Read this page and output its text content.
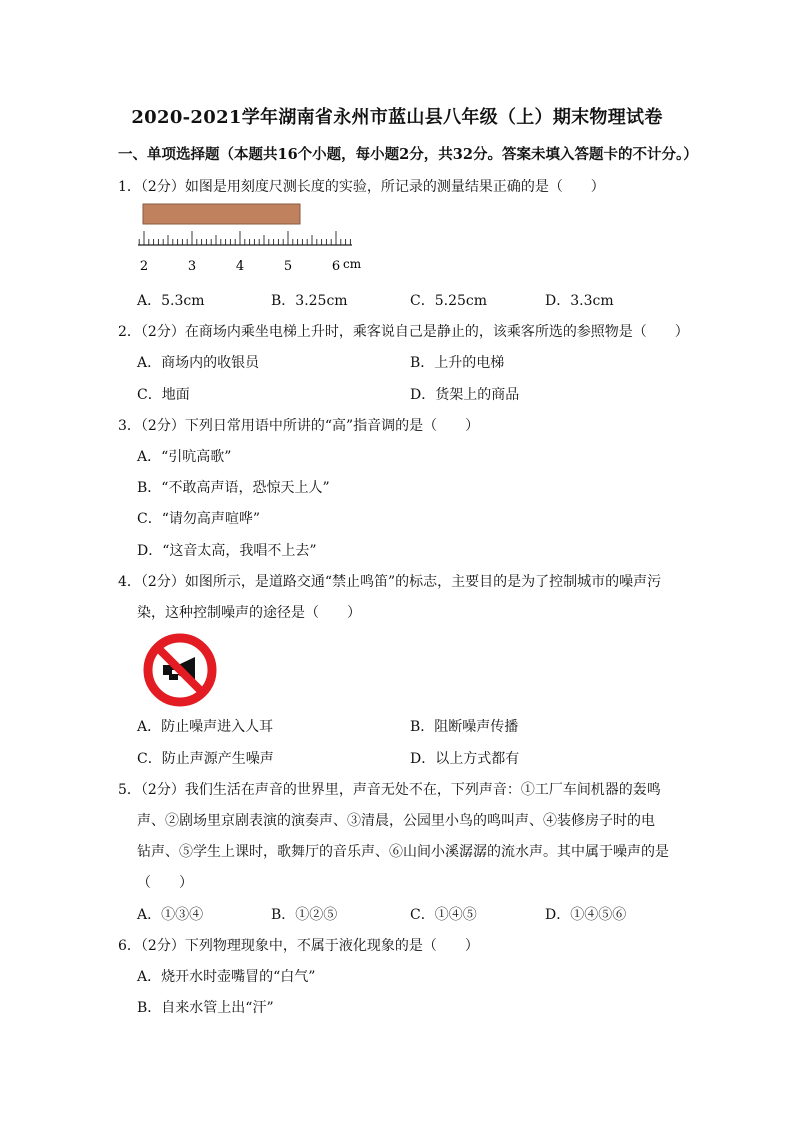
2020-2021学年湖南省永州市蓝山县八年级（上）期末物理试卷
一、单项选择题（本题共16个小题，每小题2分，共32分。答案未填入答题卡的不计分。）
1．（2分）如图是用刻度尺测长度的实验，所记录的测量结果正确的是（　　）
2	3	4	5	6 cm
A．5.3cm	B．3.25cm	C．5.25cm	D．3.3cm
2．（2分）在商场内乘坐电梯上升时，乘客说自己是静止的，该乘客所选的参照物是（　　）
A．商场内的收银员	B．上升的电梯
C．地面	D．货架上的商品
3．（2分）下列日常用语中所讲的“高”指音调的是（　　）
A．“引吭高歌”
B．“不敢高声语，恐惊天上人”
C．“请勿高声喧哗”
D．“这音太高，我唱不上去”
4．（2分）如图所示，是道路交通“禁止鸣笛”的标志，主要目的是为了控制城市的噪声污
染，这种控制噪声的途径是（　　）
A．防止噪声进入人耳	B．阻断噪声传播
C．防止声源产生噪声	D．以上方式都有
5．（2分）我们生活在声音的世界里，声音无处不在，下列声音：①工厂车间机器的轰鸣
声、②剧场里京剧表演的演奏声、③清晨，公园里小鸟的鸣叫声、④装修房子时的电
钻声、⑤学生上课时，歌舞厅的音乐声、⑥山间小溪潺潺的流水声。其中属于噪声的是
（　　）
A．①③④	B．①②⑤	C．①④⑤	D．①④⑤⑥
6．（2分）下列物理现象中，不属于液化现象的是（　　）
A．烧开水时壶嘴冒的“白气”
B．自来水管上出“汗”
